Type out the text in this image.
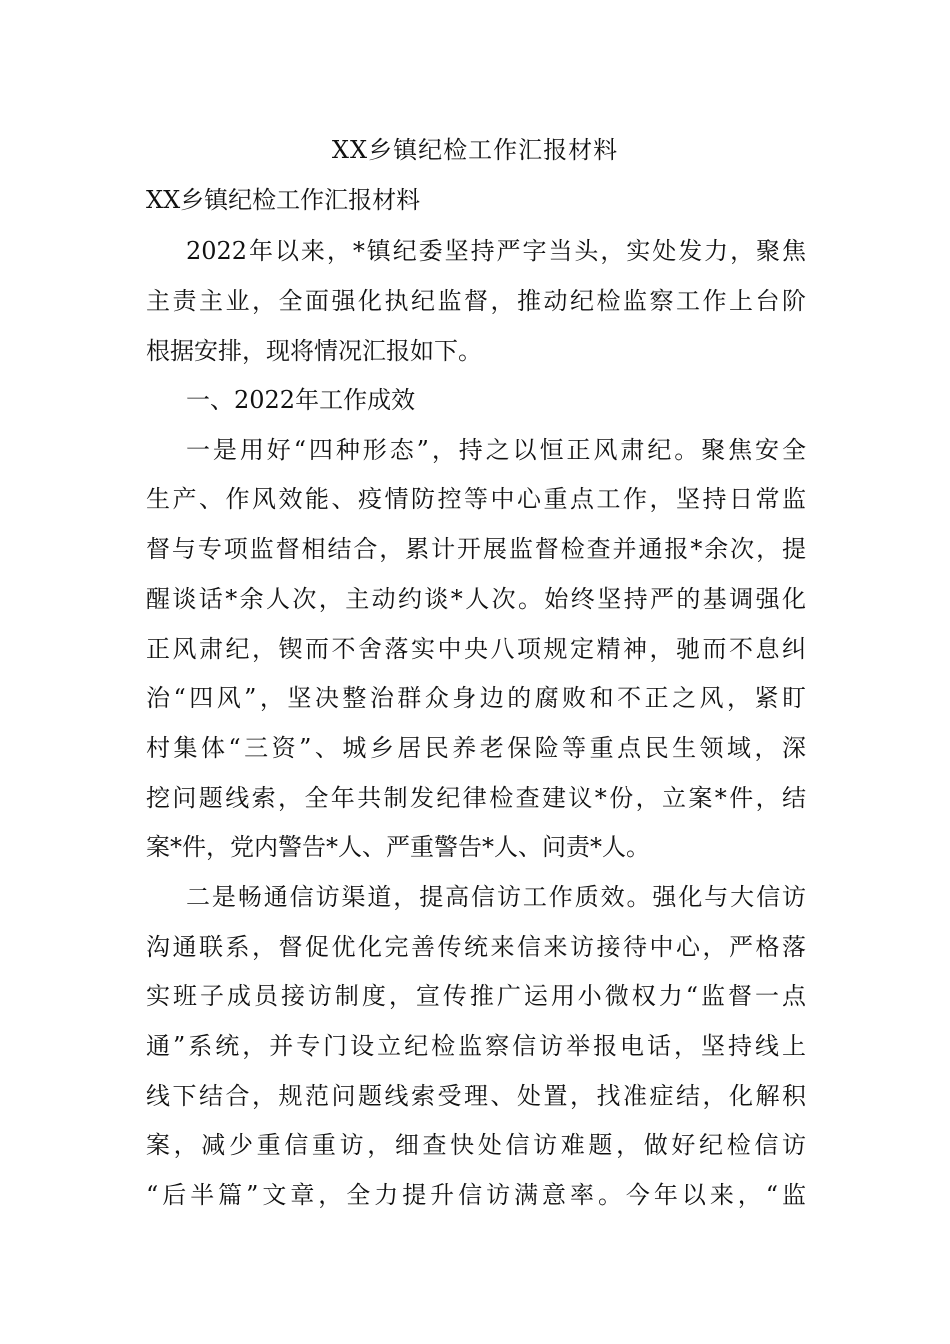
XX乡镇纪检工作汇报材料
XX乡镇纪检工作汇报材料
2022年以来，*镇纪委坚持严字当头，实处发力，聚焦
主责主业，全面强化执纪监督，推动纪检监察工作上台阶
根据安排，现将情况汇报如下。
一、2022年工作成效
一是用好“四种形态”，持之以恒正风肃纪。聚焦安全
生产、作风效能、疫情防控等中心重点工作，坚持日常监
督与专项监督相结合，累计开展监督检查并通报*余次，提
醒谈话*余人次，主动约谈*人次。始终坚持严的基调强化
正风肃纪，锲而不舍落实中央八项规定精神，驰而不息纠
治“四风”，坚决整治群众身边的腐败和不正之风，紧盯
村集体“三资”、城乡居民养老保险等重点民生领域，深
挖问题线索，全年共制发纪律检查建议*份，立案*件，结
案*件，党内警告*人、严重警告*人、问责*人。
二是畅通信访渠道，提高信访工作质效。强化与大信访
沟通联系，督促优化完善传统来信来访接待中心，严格落
实班子成员接访制度，宣传推广运用小微权力“监督一点
通”系统，并专门设立纪检监察信访举报电话，坚持线上
线下结合，规范问题线索受理、处置，找准症结，化解积
案，减少重信重访，细查快处信访难题，做好纪检信访
“后半篇”文章，全力提升信访满意率。今年以来，“监
